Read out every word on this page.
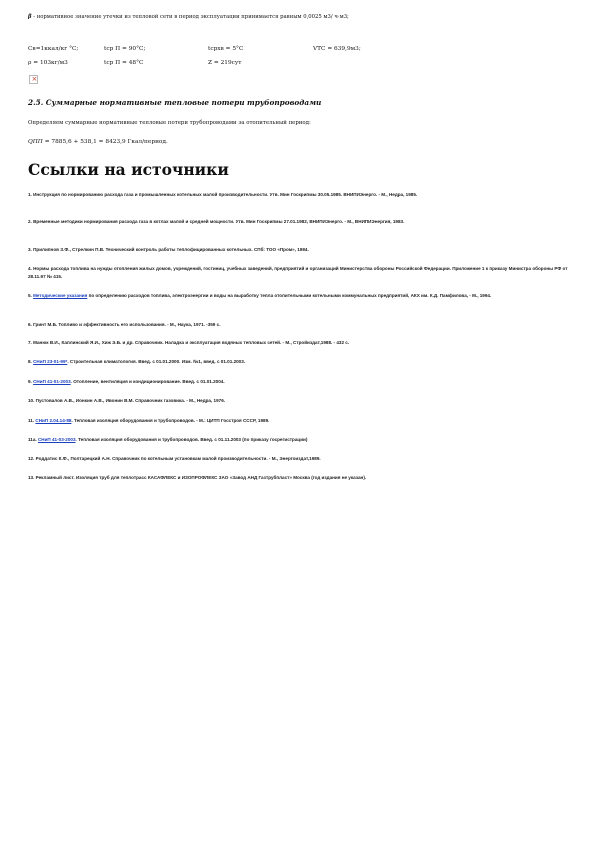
β - нормативное значение утечки из тепловой сети в период эксплуатации принимается равным 0,0025 м3/ ч·м3;
Св=1ккал/кг °С;	tср П = 90°С;	tсрхв = 5°С	VТС = 639,9м3;
ρ = 103кг/м3	tср П = 48°С	Z = 219сут
×
2.5. Суммарные нормативные тепловые потери трубопроводами
Определяем суммарные нормативные тепловые потери трубопроводами за отопительный период:
QΠΠ = 7885,6 + 538,1 = 8423,9 Гкал/период.
Ссылки на источники
1. Инструкция по нормированию расхода газа и промышленных котельных малой производительности. Утв. Мин Госкрипмы 30.05.1985. ВНИПИЭнерго. - М., Недра, 1985.
2. Временные методики нормирования расхода газа в котлах малой и средней мощности. Утв. Мин Госкрипмы 27.01.1982, ВНИПИЭнерго. - М., ВНИПИЭнергия, 1983.
3. Прилипнов З.Ф., Стрелкин П.В. Технический контроль работы теплофицированных котельных. СПб: ТОО «Пром», 1984.
4. Нормы расхода топлива на нужды отопления жилых домов, учреждений, гостиниц, учебных заведений, предприятий и организаций Министерства обороны Российской Федерации. Приложение 1 к приказу Министра обороны РФ от 28.11.97 № 415.
5. Методические указания по определению расходов топлива, электроэнергии и воды на выработку тепла отопительными котельными коммунальных предприятий, АКХ им. К.Д. Памфилова, - М., 1994.
6. Гринт М.Б. Топливо и эффективность его использования. - М., Наука, 1971. -359 с.
7. Манюк В.И., Каплинский Я.И., Хиж Э.Б. и др. Справочник. Наладка и эксплуатация водяных тепловых сетей. - М., Стройиздат,1988. - 432 с.
8. СНиП 23-01-99*. Строительная климатология. Введ. с 01.01.2000. Изм. №1, введ. с 01.01.2003.
9. СНиП 41-01-2003. Отопление, вентиляция и кондиционирование. Введ. с 01.01.2004.
10. Пустовалов А.В., Ионкин А.В., Ивонин В.М. Справочник газовика. - М., Недра, 1976.
11. СНиП 2.04.14-88. Тепловая изоляция оборудования и трубопроводов. - М.: ЦИТП Госстроя СССР, 1989.
11а. СНиП 41-03-2003. Тепловая изоляция оборудования и трубопроводов. Введ. с 01.11.2003 (по приказу госрегистрации)
12. Роддатис К.Ф., Полтарецкий А.Н. Справочник по котельным установкам малой производительности. - М., Энергоиздат,1989.
13. Рекламный лист. Изоляция труб для теплотрасс КАСАФЛЕКС и ИЗОПРОФЛЕКС ЗАО «Завод АНД Газтрубпласт» Москва (год издания не указан).
